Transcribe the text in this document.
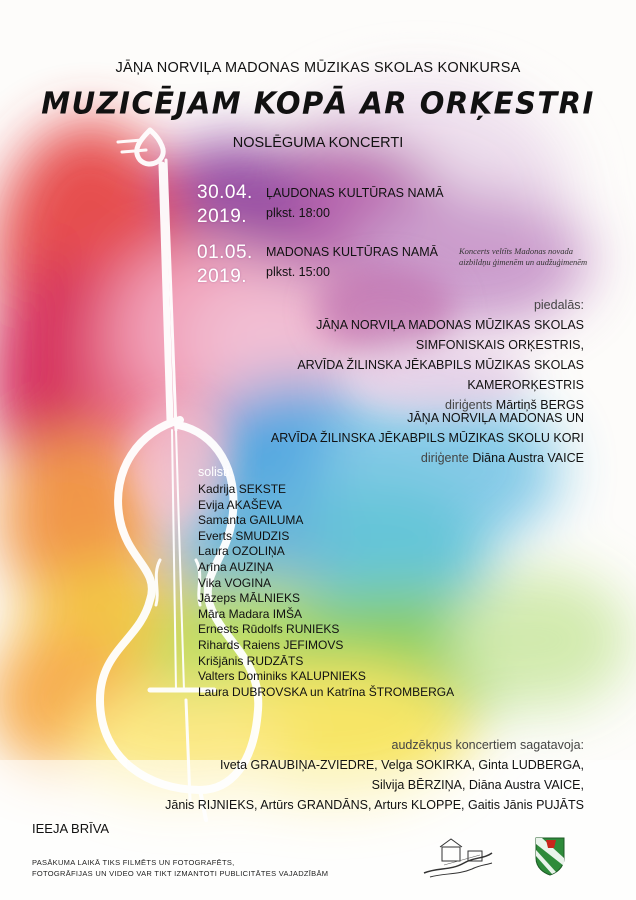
JĀŅA NORVIĻA MADONAS MŪZIKAS SKOLAS KONKURSA
MUZICĒJAM KOPĀ AR ORĶESTRI
NOSLĒGUMA KONCERTI
30.04.
2019.
ĻAUDONAS KULTŪRAS NAMĀ
plkst. 18:00
01.05.
2019.
MADONAS KULTŪRAS NAMĀ
plkst. 15:00
Koncerts veltīts Madonas novada
aizbildņu ģimenēm un audžuģimenēm
piedalās:
JĀŅA NORVIĻA MADONAS MŪZIKAS SKOLAS
SIMFONISKAIS ORĶESTRIS,
ARVĪDA ŽILINSKA JĒKABPILS MŪZIKAS SKOLAS
KAMERORĶESTRIS
diriģents Mārtiņš BERGS
JĀŅA NORVIĻA MADONAS UN
ARVĪDA ŽILINSKA JĒKABPILS MŪZIKAS SKOLU KORI
diriģente Diāna Austra VAICE
solisti:
Kadrija SEKSTE
Evija AKAŠEVA
Samanta GAILUMA
Everts SMUDZIS
Laura OZOLIŅA
Arīna AUZIŅA
Vika VOGINA
Jāzeps MĀLNIEKS
Māra Madara IMŠA
Ernests Rūdolfs RUNIEKS
Rihards Raiens JEFIMOVS
Krišjānis RUDZĀTS
Valters Dominiks KALUPNIEKS
Laura DUBROVSKA un Katrīna ŠTROMBERGA
audzēkņus koncertiem sagatavoja:
Iveta GRAUBIŅA-ZVIEDRE, Velga SOKIRKA, Ginta LUDBERGA,
Silvija BĒRZIŅA, Diāna Austra VAICE,
Jānis RIJNIEKS, Artūrs GRANDĀNS, Arturs KLOPPE, Gaitis Jānis PUJĀTS
IEEJA BRĪVA
PASĀKUMA LAIKĀ TIKS FILMĒTS UN FOTOGRAFĒTS,
FOTOGRĀFIJAS UN VIDEO VAR TIKT IZMANTOTI PUBLICITĀTES VAJADZĪBĀM
